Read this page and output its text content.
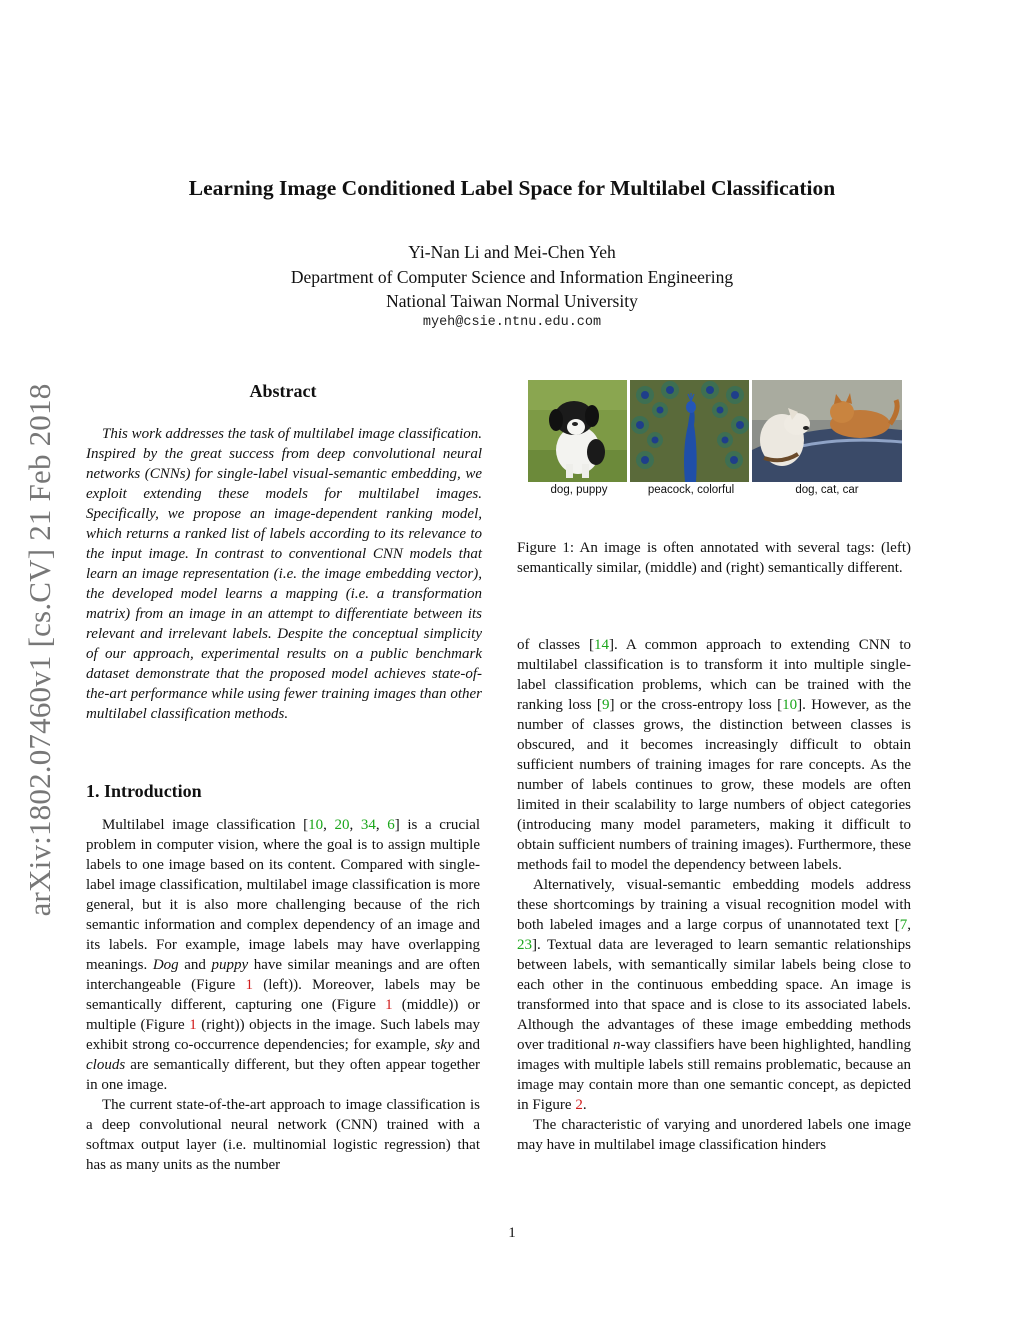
arXiv:1802.07460v1 [cs.CV] 21 Feb 2018
Learning Image Conditioned Label Space for Multilabel Classification
Yi-Nan Li and Mei-Chen Yeh
Department of Computer Science and Information Engineering
National Taiwan Normal University
myeh@csie.ntnu.edu.com
Abstract

This work addresses the task of multilabel image classification. Inspired by the great success from deep convolutional neural networks (CNNs) for single-label visual-semantic embedding, we exploit extending these models for multilabel images. Specifically, we propose an image-dependent ranking model, which returns a ranked list of labels according to its relevance to the input image. In contrast to conventional CNN models that learn an image representation (i.e. the image embedding vector), the developed model learns a mapping (i.e. a transformation matrix) from an image in an attempt to differentiate between its relevant and irrelevant labels. Despite the conceptual simplicity of our approach, experimental results on a public benchmark dataset demonstrate that the proposed model achieves state-of-the-art performance while using fewer training images than other multilabel classification methods.

1. Introduction

Multilabel image classification [10, 20, 34, 6] is a crucial problem in computer vision, where the goal is to assign multiple labels to one image based on its content. Compared with single-label image classification, multilabel image classification is more general, but it is also more challenging because of the rich semantic information and complex dependency of an image and its labels. For example, image labels may have overlapping meanings. Dog and puppy have similar meanings and are often interchangeable (Figure 1 (left)). Moreover, labels may be semantically different, capturing one (Figure 1 (middle)) or multiple (Figure 1 (right)) objects in the image. Such labels may exhibit strong co-occurrence dependencies; for example, sky and clouds are semantically different, but they often appear together in one image.

The current state-of-the-art approach to image classification is a deep convolutional neural network (CNN) trained with a softmax output layer (i.e. multinomial logistic regression) that has as many units as the number

dog, puppy	peacock, colorful	dog, cat, car
Figure 1: An image is often annotated with several tags: (left) semantically similar, (middle) and (right) semantically different.

of classes [14]. A common approach to extending CNN to multilabel classification is to transform it into multiple single-label classification problems, which can be trained with the ranking loss [9] or the cross-entropy loss [10]. However, as the number of classes grows, the distinction between classes is obscured, and it becomes increasingly difficult to obtain sufficient numbers of training images for rare concepts. As the number of labels continues to grow, these models are often limited in their scalability to large numbers of object categories (introducing many model parameters, making it difficult to obtain sufficient numbers of training images). Furthermore, these methods fail to model the dependency between labels.

Alternatively, visual-semantic embedding models address these shortcomings by training a visual recognition model with both labeled images and a large corpus of unannotated text [7, 23]. Textual data are leveraged to learn semantic relationships between labels, with semantically similar labels being close to each other in the continuous embedding space. An image is transformed into that space and is close to its associated labels. Although the advantages of these image embedding methods over traditional n-way classifiers have been highlighted, handling images with multiple labels still remains problematic, because an image may contain more than one semantic concept, as depicted in Figure 2.

The characteristic of varying and unordered labels one image may have in multilabel image classification hinders

1
